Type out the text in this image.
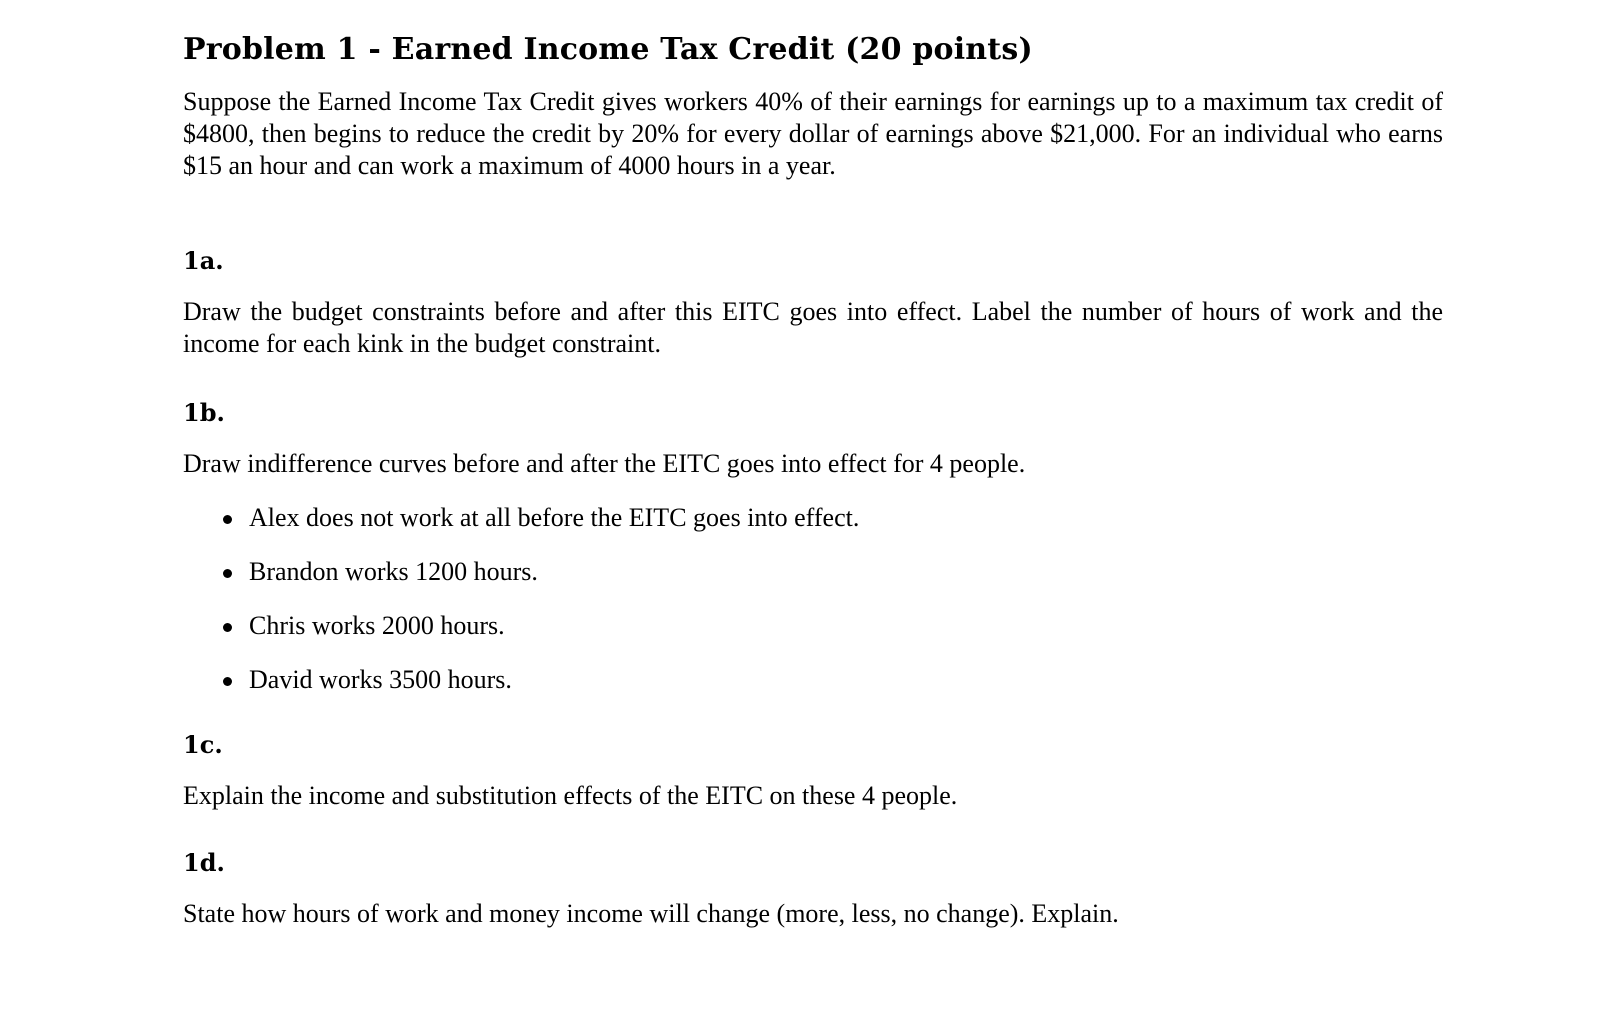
Problem 1 - Earned Income Tax Credit (20 points)

Suppose the Earned Income Tax Credit gives workers 40% of their earnings for earnings up to a maximum tax credit of $4800, then begins to reduce the credit by 20% for every dollar of earnings above $21,000. For an individual who earns $15 an hour and can work a maximum of 4000 hours in a year.

1a.

Draw the budget constraints before and after this EITC goes into effect. Label the number of hours of work and the income for each kink in the budget constraint.

1b.

Draw indifference curves before and after the EITC goes into effect for 4 people.

Alex does not work at all before the EITC goes into effect.
Brandon works 1200 hours.
Chris works 2000 hours.
David works 3500 hours.

1c.

Explain the income and substitution effects of the EITC on these 4 people.

1d.

State how hours of work and money income will change (more, less, no change). Explain.
